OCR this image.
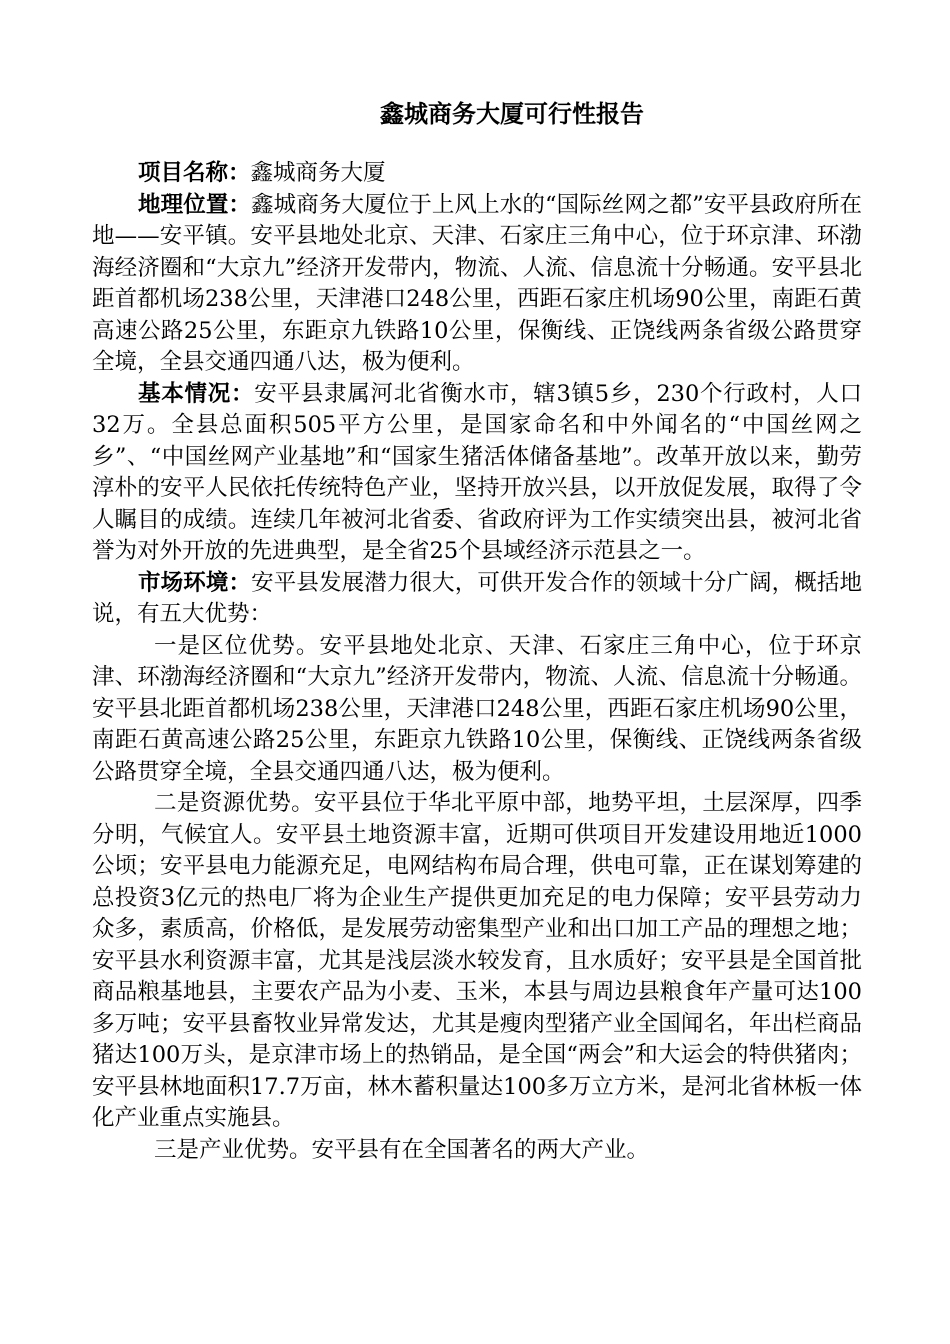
鑫城商务大厦可行性报告

项目名称：鑫城商务大厦

地理位置：鑫城商务大厦位于上风上水的“国际丝网之都”安平县政府所在地——安平镇。安平县地处北京、天津、石家庄三角中心，位于环京津、环渤海经济圈和“大京九”经济开发带内，物流、人流、信息流十分畅通。安平县北距首都机场238公里，天津港口248公里，西距石家庄机场90公里，南距石黄高速公路25公里，东距京九铁路10公里，保衡线、正饶线两条省级公路贯穿全境，全县交通四通八达，极为便利。

基本情况：安平县隶属河北省衡水市，辖3镇5乡，230个行政村，人口32万。全县总面积505平方公里，是国家命名和中外闻名的“中国丝网之乡”、“中国丝网产业基地”和“国家生猪活体储备基地”。改革开放以来，勤劳淳朴的安平人民依托传统特色产业，坚持开放兴县，以开放促发展，取得了令人瞩目的成绩。连续几年被河北省委、省政府评为工作实绩突出县，被河北省誉为对外开放的先进典型，是全省25个县域经济示范县之一。

市场环境：安平县发展潜力很大，可供开发合作的领域十分广阔，概括地说，有五大优势：

一是区位优势。安平县地处北京、天津、石家庄三角中心，位于环京津、环渤海经济圈和“大京九”经济开发带内，物流、人流、信息流十分畅通。安平县北距首都机场238公里，天津港口248公里，西距石家庄机场90公里，南距石黄高速公路25公里，东距京九铁路10公里，保衡线、正饶线两条省级公路贯穿全境，全县交通四通八达，极为便利。

二是资源优势。安平县位于华北平原中部，地势平坦，土层深厚，四季分明，气候宜人。安平县土地资源丰富，近期可供项目开发建设用地近1000公顷；安平县电力能源充足，电网结构布局合理，供电可靠，正在谋划筹建的总投资3亿元的热电厂将为企业生产提供更加充足的电力保障；安平县劳动力众多，素质高，价格低，是发展劳动密集型产业和出口加工产品的理想之地；安平县水利资源丰富，尤其是浅层淡水较发育，且水质好；安平县是全国首批商品粮基地县，主要农产品为小麦、玉米，本县与周边县粮食年产量可达100多万吨；安平县畜牧业异常发达，尤其是瘦肉型猪产业全国闻名，年出栏商品猪达100万头，是京津市场上的热销品，是全国“两会”和大运会的特供猪肉；安平县林地面积17.7万亩，林木蓄积量达100多万立方米，是河北省林板一体化产业重点实施县。

三是产业优势。安平县有在全国著名的两大产业。
